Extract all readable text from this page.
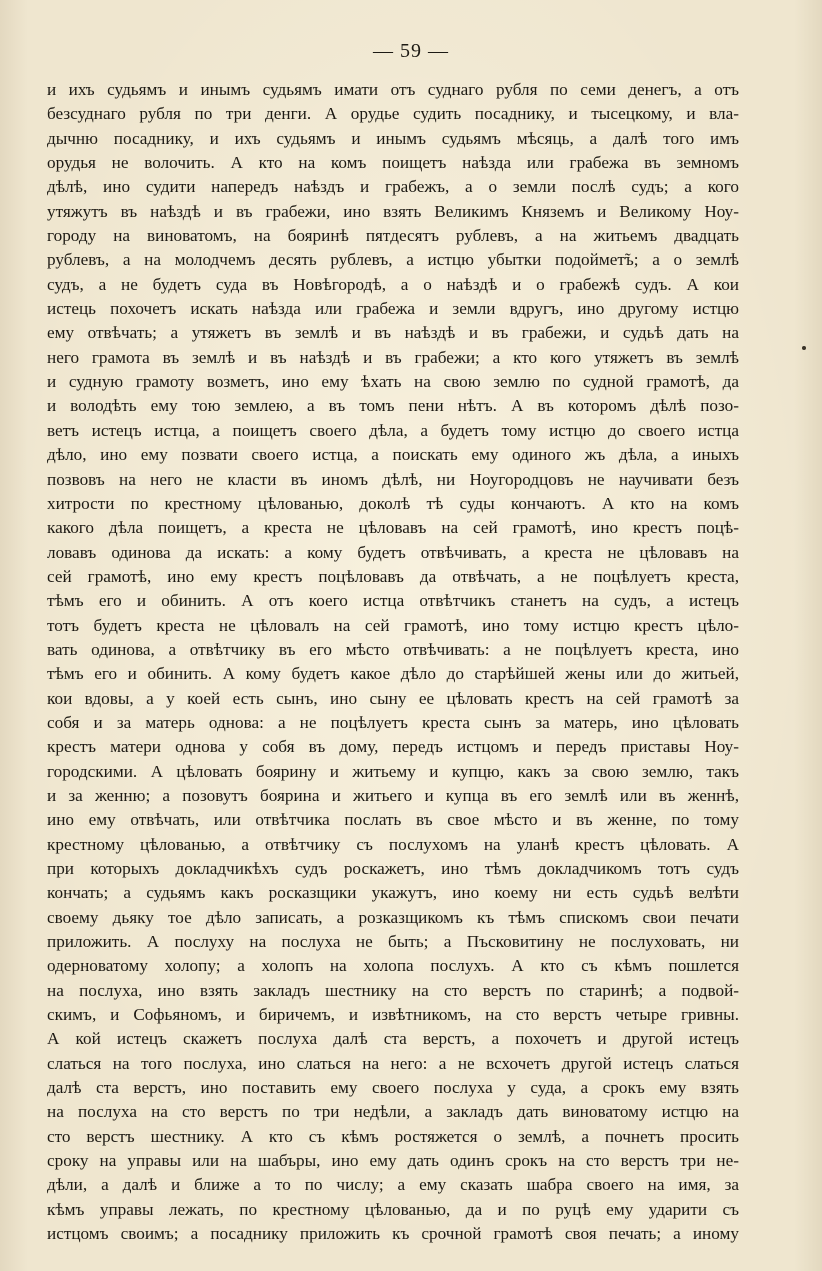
— 59 —
и ихъ судьямъ и инымъ судьямъ имати отъ суднаго рубля по семи денегъ, а отъ
безсуднаго рубля по три денги. А орудье судить посаднику, и тысецкому, и вла-
дычню посаднику, и ихъ судьямъ и инымъ судьямъ мѣсяць, а далѣ того имъ
орудья не волочить. А кто на комъ поищетъ наѣзда или грабежа въ земномъ
дѣлѣ, ино судити напередъ наѣздъ и грабежъ, а о земли послѣ судъ; а кого
утяжутъ въ наѣздѣ и въ грабежи, ино взять Великимъ Княземъ и Великому Ноу-
городу на виноватомъ, на бояринѣ пятдесятъ рублевъ, а на житьемъ двадцать
рублевъ, а на молодчемъ десять рублевъ, а истцю убытки подоймет̃ъ; а о землѣ
судъ, а не будетъ суда въ Новѣгородѣ, а о наѣздѣ и о грабежѣ судъ. А кои
истець похочетъ искать наѣзда или грабежа и земли вдругъ, ино другому истцю
ему отвѣчать; а утяжетъ въ землѣ и въ наѣздѣ и въ грабежи, и судьѣ дать на
него грамота въ землѣ и въ наѣздѣ и въ грабежи; а кто кого утяжетъ въ землѣ
и судную грамоту возметъ, ино ему ѣхать на свою землю по судной грамотѣ, да
и володѣть ему тою землею, а въ томъ пени нѣтъ. А въ которомъ дѣлѣ позо-
ветъ истецъ истца, а поищетъ своего дѣла, а будетъ тому истцю до своего истца
дѣло, ино ему позвати своего истца, а поискать ему одиного жъ дѣла, а иныхъ
позвовъ на него не класти въ иномъ дѣлѣ, ни Ноугородцовъ не научивати безъ
хитрости по крестному цѣлованью, доколѣ тѣ суды кончаютъ. А кто на комъ
какого дѣла поищетъ, а креста не цѣловавъ на сей грамотѣ, ино крестъ поцѣ-
ловавъ одинова да искать: а кому будетъ отвѣчивать, а креста не цѣловавъ на
сей грамотѣ, ино ему крестъ поцѣловавъ да отвѣчать, а не поцѣлуетъ креста,
тѣмъ его и обинить. А отъ коего истца отвѣтчикъ станетъ на судъ, а истецъ
тотъ будетъ креста не цѣловалъ на сей грамотѣ, ино тому истцю крестъ цѣло-
вать одинова, а отвѣтчику въ его мѣсто отвѣчивать: а не поцѣлуетъ креста, ино
тѣмъ его и обинить. А кому будетъ какое дѣло до старѣйшей жены или до житьей,
кои вдовы, а у коей есть сынъ, ино сыну ее цѣловать крестъ на сей грамотѣ за
собя и за матерь однова: а не поцѣлуетъ креста сынъ за матерь, ино цѣловать
крестъ матери однова у собя въ дому, передъ истцомъ и передъ приставы Ноу-
городскими. А цѣловать боярину и житьему и купцю, какъ за свою землю, такъ
и за женню; а позовутъ боярина и житьего и купца въ его землѣ или въ женнѣ,
ино ему отвѣчать, или отвѣтчика послать въ свое мѣсто и въ женне, по тому
крестному цѣлованью, а отвѣтчику съ послухомъ на уланѣ крестъ цѣловать. А
при которыхъ докладчикѣхъ судъ роскажетъ, ино тѣмъ докладчикомъ тотъ судъ
кончать; а судьямъ какъ росказщики укажутъ, ино коему ни есть судьѣ велѣти
своему дьяку тое дѣло записать, а розказщикомъ къ тѣмъ спискомъ свои печати
приложить. А послуху на послуха не быть; а Пъсковитину не послуховать, ни
одерноватому холопу; а холопъ на холопа послухъ. А кто съ кѣмъ пошлется
на послуха, ино взять закладъ шестнику на сто верстъ по старинѣ; а подвой-
скимъ, и Софьяномъ, и биричемъ, и извѣтникомъ, на сто верстъ четыре гривны.
А кой истецъ скажетъ послуха далѣ ста верстъ, а похочетъ и другой истецъ
слаться на того послуха, ино слаться на него: а не всхочетъ другой истецъ слаться
далѣ ста верстъ, ино поставить ему своего послуха у суда, а срокъ ему взять
на послуха на сто верстъ по три недѣли, а закладъ дать виноватому истцю на
сто верстъ шестнику. А кто съ кѣмъ ростяжется о землѣ, а почнетъ просить
сроку на управы или на шабъры, ино ему дать одинъ срокъ на сто верстъ три не-
дѣли, а далѣ и ближе а то по числу; а ему сказать шабра своего на имя, за
кѣмъ управы лежать, по крестному цѣлованью, да и по руцѣ ему ударити съ
истцомъ своимъ; а посаднику приложить къ срочной грамотѣ своя печать; а иному
